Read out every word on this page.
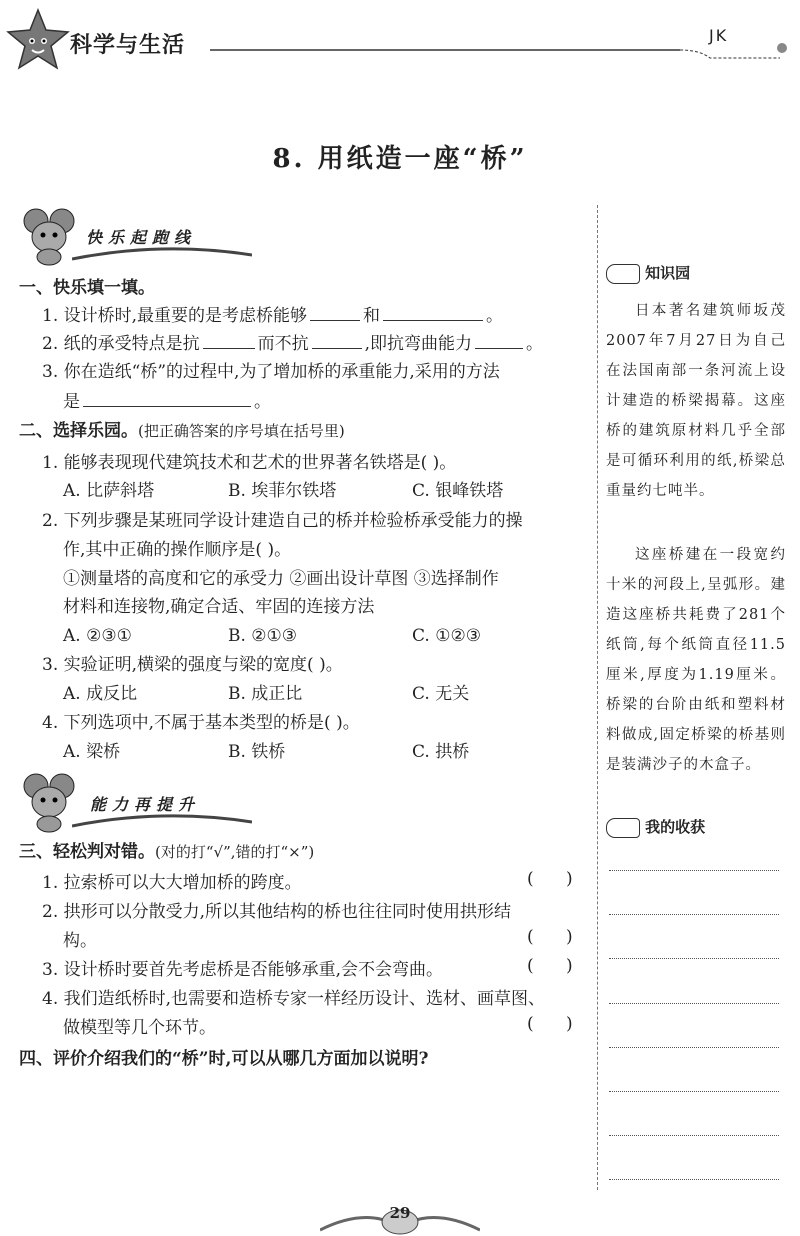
科学与生活	JK
8. 用纸造一座“桥”
快乐起跑线
一、快乐填一填。
1. 设计桥时,最重要的是考虑桥能够	和	。
2. 纸的承受特点是抗	而不抗	,即抗弯曲能力	。
3. 你在造纸“桥”的过程中,为了增加桥的承重能力,采用的方法
是	。
二、选择乐园。(把正确答案的序号填在括号里)
1. 能够表现现代建筑技术和艺术的世界著名铁塔是( )。
A. 比萨斜塔	B. 埃菲尔铁塔	C. 银峰铁塔
2. 下列步骤是某班同学设计建造自己的桥并检验桥承受能力的操
作,其中正确的操作顺序是( )。
①测量塔的高度和它的承受力 ②画出设计草图 ③选择制作
材料和连接物,确定合适、牢固的连接方法
A. ②③①	B. ②①③	C. ①②③
3. 实验证明,横梁的强度与梁的宽度( )。
A. 成反比	B. 成正比	C. 无关
4. 下列选项中,不属于基本类型的桥是( )。
A. 梁桥	B. 铁桥	C. 拱桥
能力再提升
三、轻松判对错。(对的打“√”,错的打“×”)
1. 拉索桥可以大大增加桥的跨度。	(      )
2. 拱形可以分散受力,所以其他结构的桥也往往同时使用拱形结
构。	(      )
3. 设计桥时要首先考虑桥是否能够承重,会不会弯曲。	(      )
4. 我们造纸桥时,也需要和造桥专家一样经历设计、选材、画草图、
做模型等几个环节。	(      )
四、评价介绍我们的“桥”时,可以从哪几方面加以说明?
知识园
日本著名建筑师坂茂2007年7月27日为自己在法国南部一条河流上设计建造的桥梁揭幕。这座桥的建筑原材料几乎全部是可循环利用的纸,桥梁总重量约七吨半。
这座桥建在一段宽约十米的河段上,呈弧形。建造这座桥共耗费了281个纸筒,每个纸筒直径11.5厘米,厚度为1.19厘米。桥梁的台阶由纸和塑料材料做成,固定桥梁的桥基则是装满沙子的木盒子。
我的收获
29
